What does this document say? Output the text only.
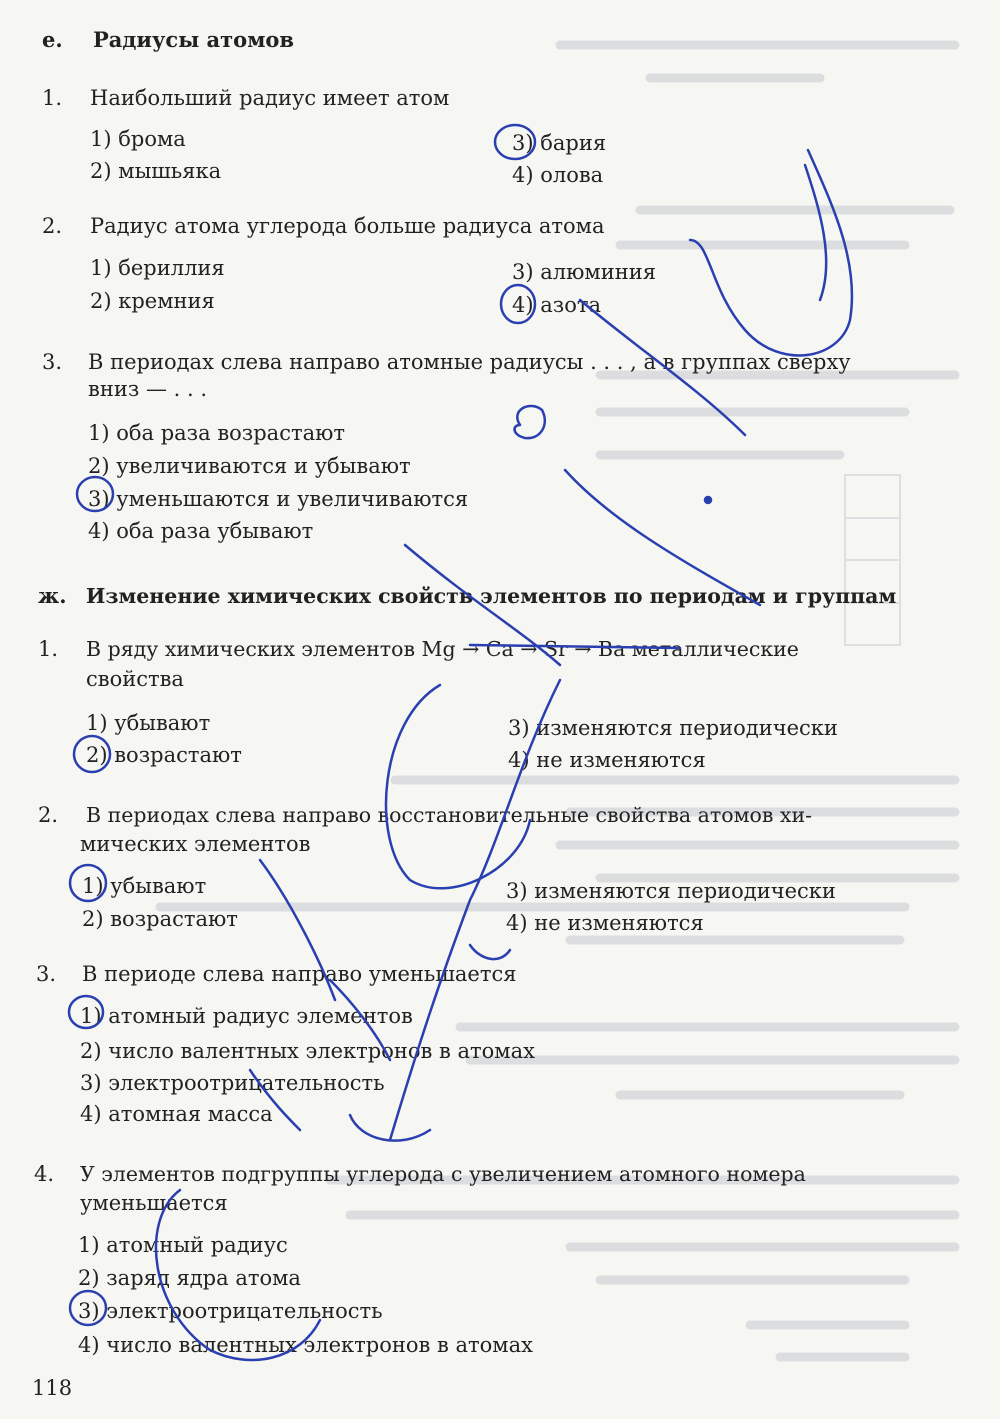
е. Радиусы атомов
1. Наибольший радиус имеет атом
1) брома
2) мышьяка
3) бария
4) олова
2. Радиус атома углерода больше радиуса атома
1) бериллия
2) кремния
3) алюминия
4) азота
3. В периодах слева направо атомные радиусы . . . , а в группах сверху
вниз — . . .
1) оба раза возрастают
2) увеличиваются и убывают
3) уменьшаются и увеличиваются
4) оба раза убывают
ж. Изменение химических свойств элементов по периодам и группам
1. В ряду химических элементов Mg → Ca → Sr → Ba металлические
свойства
1) убывают
2) возрастают
3) изменяются периодически
4) не изменяются
2. В периодах слева направо восстановительные свойства атомов хи-
мических элементов
1) убывают
2) возрастают
3) изменяются периодически
4) не изменяются
3. В периоде слева направо уменьшается
1) атомный радиус элементов
2) число валентных электронов в атомах
3) электроотрицательность
4) атомная масса
4. У элементов подгруппы углерода с увеличением атомного номера
уменьшается
1) атомный радиус
2) заряд ядра атома
3) электроотрицательность
4) число валентных электронов в атомах
118
